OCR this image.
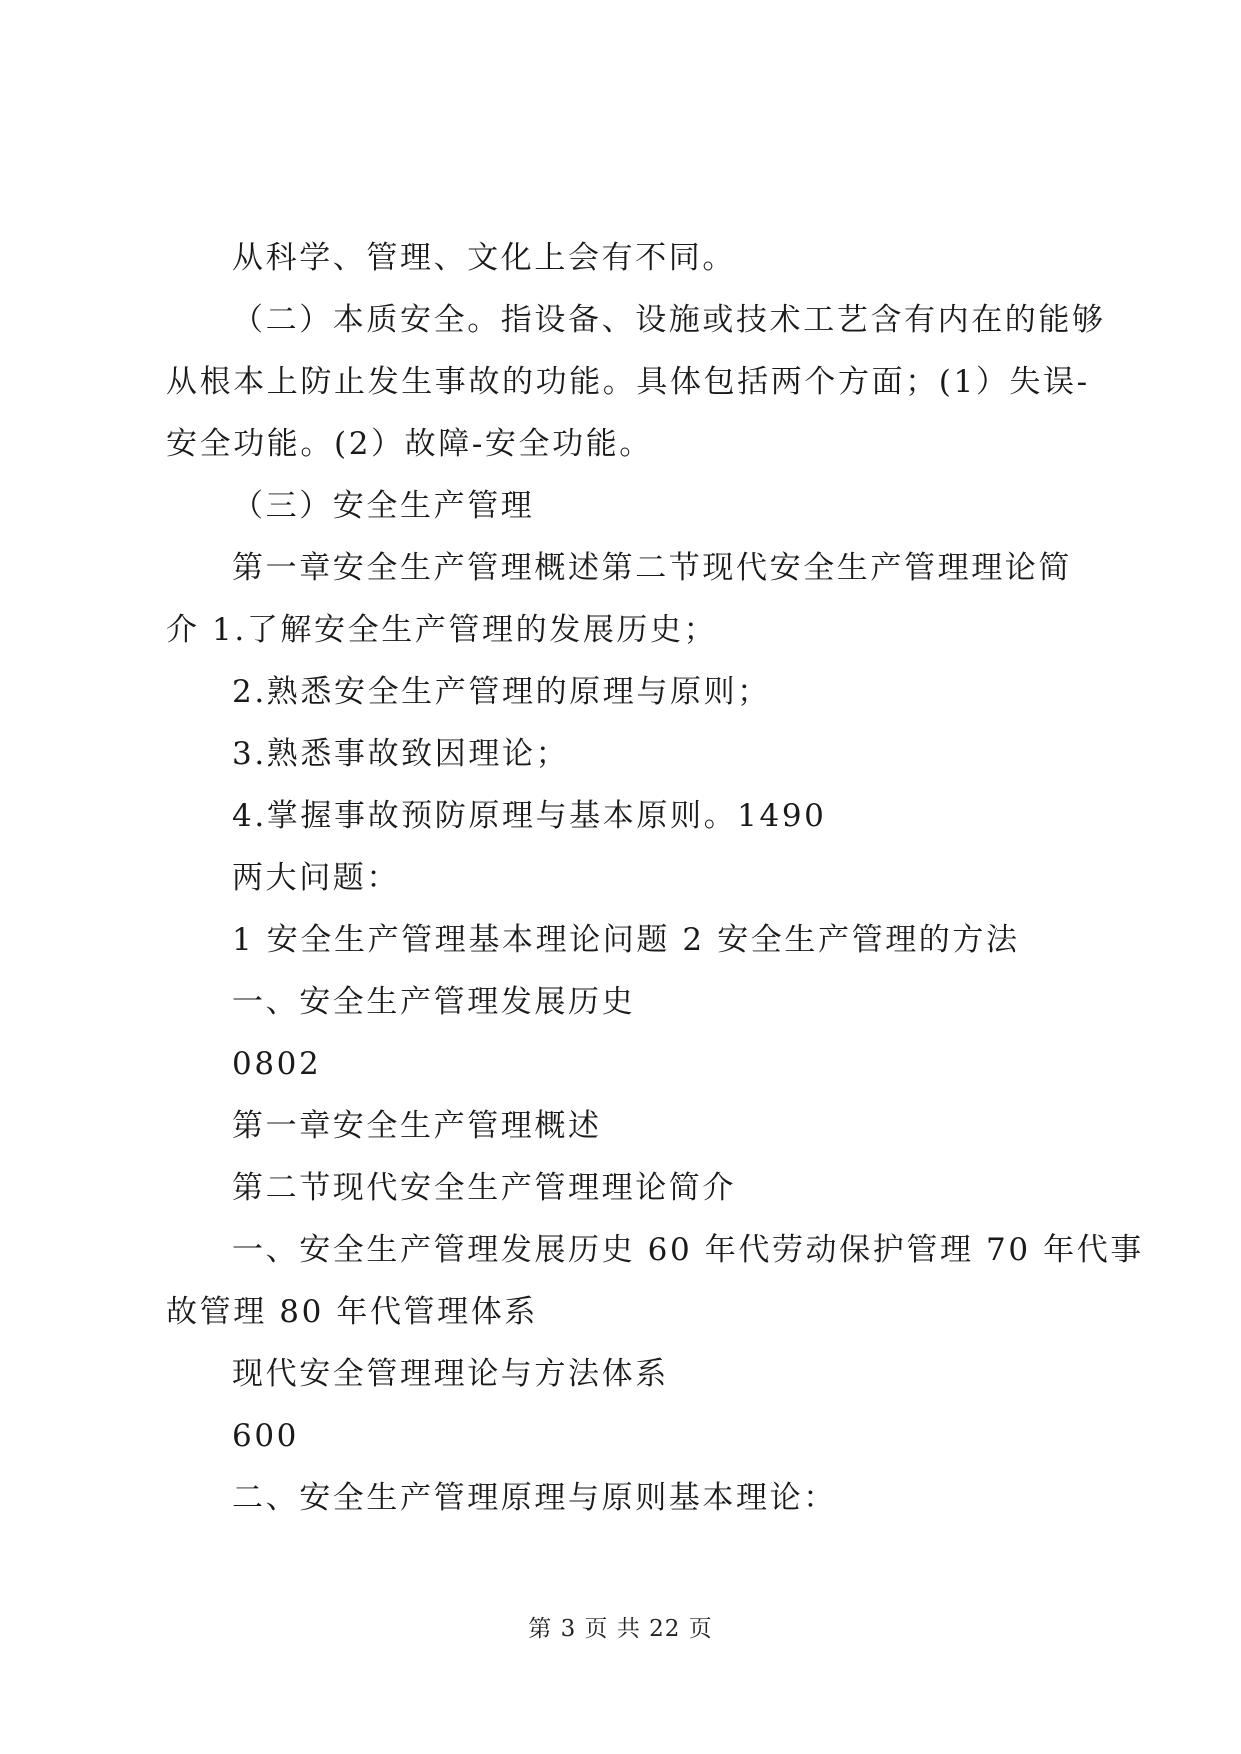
从科学、管理、文化上会有不同。
（二）本质安全。指设备、设施或技术工艺含有内在的能够
从根本上防止发生事故的功能。具体包括两个方面；(1）失误-
安全功能。(2）故障-安全功能。
（三）安全生产管理
第一章安全生产管理概述第二节现代安全生产管理理论简
介 1.了解安全生产管理的发展历史；
2.熟悉安全生产管理的原理与原则；
3.熟悉事故致因理论；
4.掌握事故预防原理与基本原则。1490
两大问题：
1 安全生产管理基本理论问题 2 安全生产管理的方法
一、安全生产管理发展历史
0802
第一章安全生产管理概述
第二节现代安全生产管理理论简介
一、安全生产管理发展历史 60 年代劳动保护管理 70 年代事
故管理 80 年代管理体系
现代安全管理理论与方法体系
600
二、安全生产管理原理与原则基本理论：
第 3 页 共 22 页
